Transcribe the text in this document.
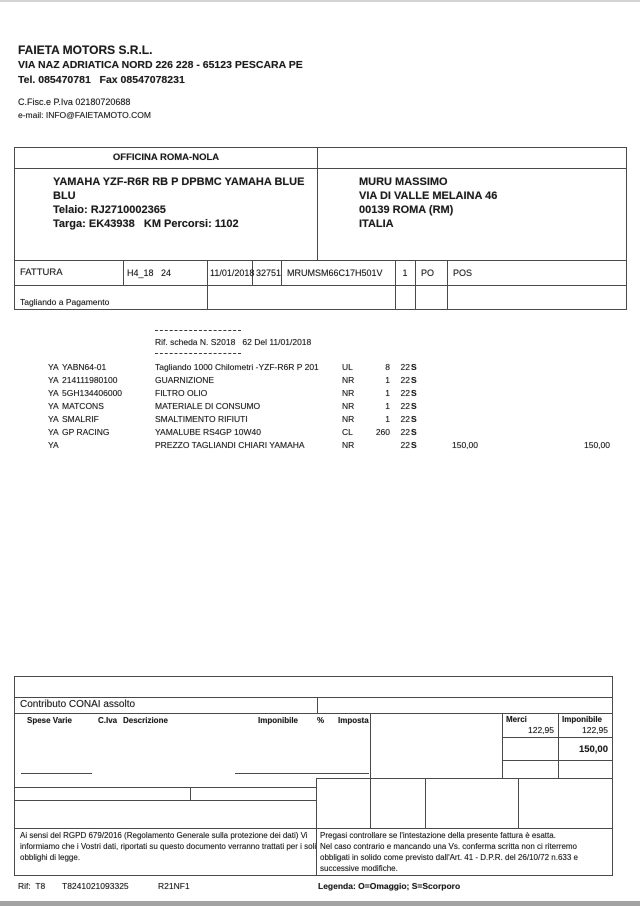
FAIETA MOTORS S.R.L.
VIA NAZ ADRIATICA NORD 226 228 - 65123 PESCARA PE
Tel. 085470781   Fax 08547078231
C.Fisc.e P.Iva 02180720688
e-mail: INFO@FAIETAMOTO.COM
OFFICINA ROMA-NOLA
YAMAHA YZF-R6R RB P DPBMC YAMAHA BLUE
BLU
Telaio: RJ2710002365
Targa: EK43938   KM Percorsi: 1102
MURU MASSIMO
VIA DI VALLE MELAINA 46
00139 ROMA (RM)
ITALIA
FATTURA	H4_18   24	11/01/2018 32751 MRUMSM66C17H501V	1	PO POS
Tagliando a Pagamento
Rif. scheda N. S2018   62 Del 11/01/2018
YA YABN64-01	Tagliando 1000 Chilometri -YZF-R6R P 201	UL	8	22 S
YA 214111980100	GUARNIZIONE	NR	1	22 S
YA 5GH134406000	FILTRO OLIO	NR	1	22 S
YA MATCONS	MATERIALE DI CONSUMO	NR	1	22 S
YA SMALRIF	SMALTIMENTO RIFIUTI	NR	1	22 S
YA GP RACING	YAMALUBE RS4GP 10W40	CL	260	22 S
YA	PREZZO TAGLIANDI CHIARI YAMAHA	NR	22 S	150,00	150,00
Contributo CONAI assolto
Spese Varie	C.Iva Descrizione	Imponibile % Imposta	Merci	Imponibile
122,95	122,95
150,00
Ai sensi del RGPD 679/2016 (Regolamento Generale sulla protezione dei dati) Vi
informiamo che i Vostri dati, riportati su questo documento verranno trattati per i soli
obblighi di legge.
Pregasi controllare se l'intestazione della presente fattura è esatta.
Nel caso contrario e mancando una Vs. conferma scritta non ci riterremo
obbligati in solido come previsto dall'Art. 41 - D.P.R. del 26/10/72 n.633 e
successive modifiche.
Rif:  T8 T8241021093325	R21NF1	Legenda: O=Omaggio; S=Scorporo
